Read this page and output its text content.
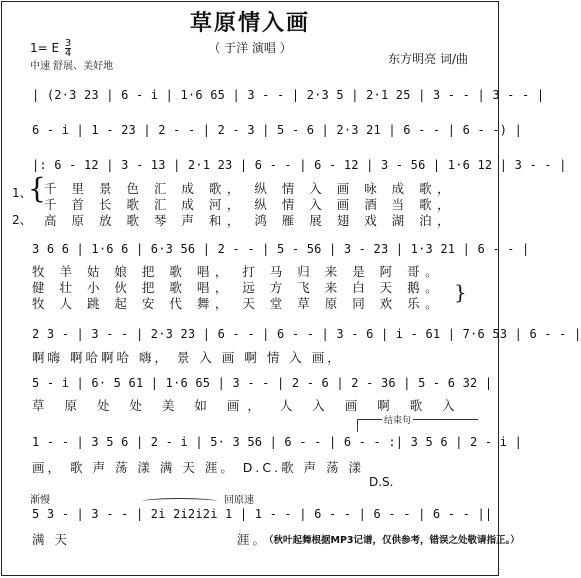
草原情入画
（ 于洋 演唱 ）
1= E $\frac{3}{4}$
中速 舒展、美好地
东方明亮 词/曲
| (2·3 23 | 6 - i | 1·6 65 | 3 - - | 2·3 5 | 2·1 25 | 3 - - | 3 - - |
6 - i | 1 - 23 | 2 - - | 2 - 3 | 5 - 6 | 2·3 21 | 6 - - | 6 - -) |
|: 6 - 12 | 3 - 13 | 2·1 23 | 6 - - | 6 - 12 | 3 - 56 | 1·6 12 | 3 - - |
1、
{
千 里 景 色 汇 成 歌， 纵 情 入 画 咏 成 歌，
千 首 长 歌 汇 成 河， 纵 情 入 画 酒 当 歌，
2、 高 原 放 歌 琴 声 和， 鸿 雁 展 翅 戏 湖 泊，
3 6 6 | 1·6 6 | 6·3 56 | 2 - - | 5 - 56 | 3 - 23 | 1·3 21 | 6 - - |
牧 羊 姑 娘 把 歌 唱， 打 马 归 来 是 阿 哥。
健 壮 小 伙 把 歌 唱， 远 方 飞 来 白 天 鹅。
牧 人 跳 起 安 代 舞， 天 堂 草 原 同 欢 乐。 }
2 3 - | 3 - - | 2·3 23 | 6 - - | 6 - - | 3 - 6 | i - 61 | 7·6 53 | 6 - - |
啊嗨 啊哈啊哈 嗨， 景 入 画 啊 情 入 画，
5 - i | 6· 5 61 | 1·6 65 | 3 - - | 2 - 6 | 2 - 36 | 5 - 6 32 |
草 原 处 处 美 如 画， 人 入 画 啊 歌 入
结束句
1 - - | 3 5 6 | 2 - i | 5· 3 56 | 6 - - | 6 - - :| 3 5 6 | 2 - i |
画， 歌 声 荡 漾 满 天 涯。 D.C.歌 声 荡 漾
D.S.
渐慢	回原速
5 3 - | 3 - - | 2i 2i2i2i 1 | 1 - - | 6 - - | 6 - - | 6 - - ||
满 天	涯。
（秋叶起舞根据MP3记谱，仅供参考，错误之处敬请指正。）
